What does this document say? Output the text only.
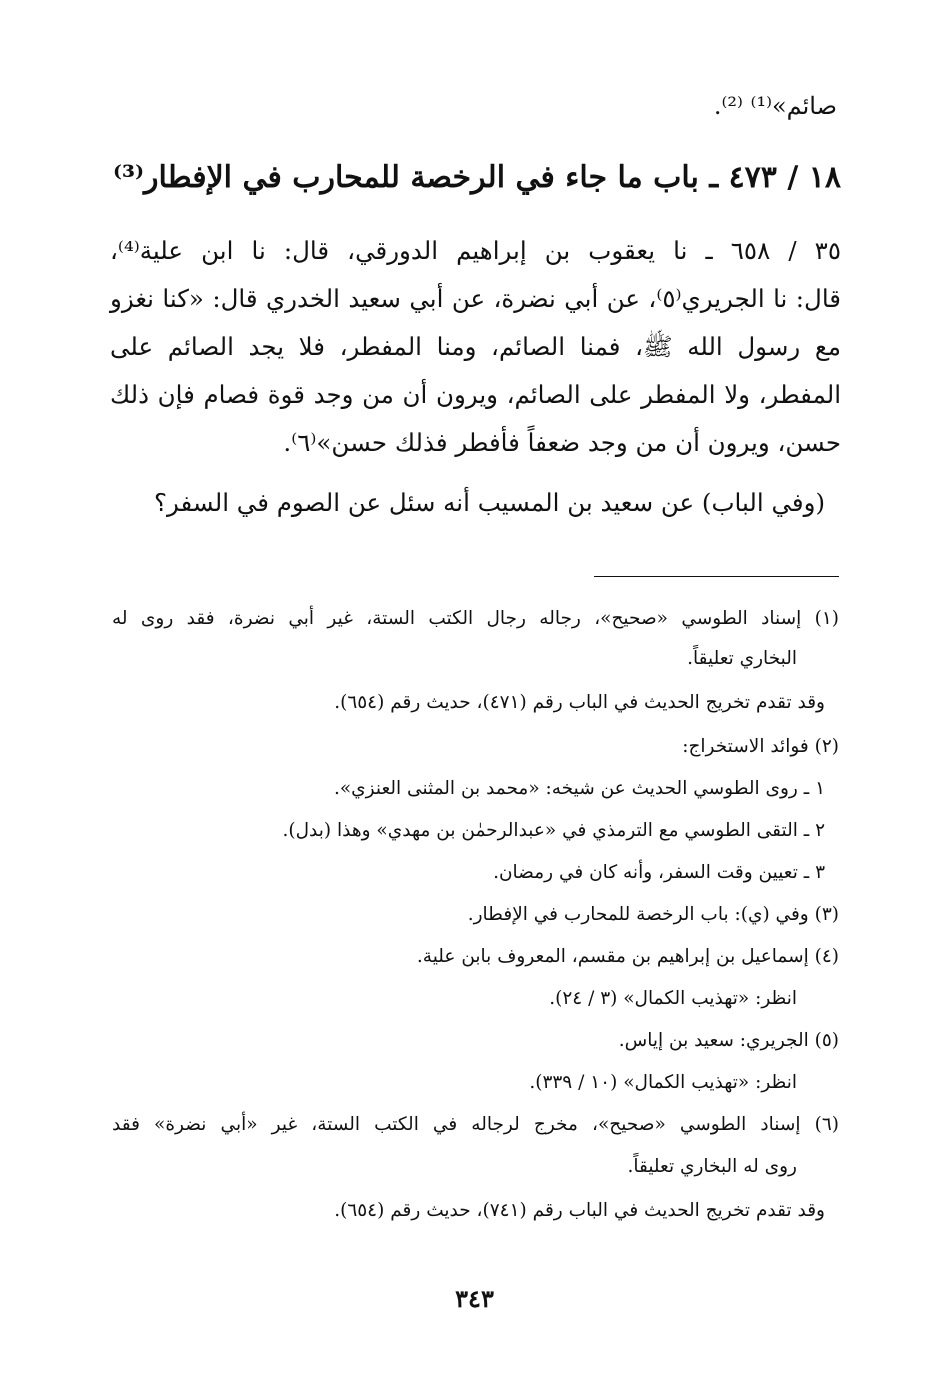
صائم»⁽¹⁾ ⁽²⁾.
١٨ / ٤٧٣ ـ باب ما جاء في الرخصة للمحارب في الإفطار⁽³⁾
٣٥ / ٦٥٨ ـ نا يعقوب بن إبراهيم الدورقي، قال: نا ابن علية⁽⁴⁾،
قال: نا الجريري⁽٥⁾، عن أبي نضرة، عن أبي سعيد الخدري قال: «كنا نغزو
مع رسول الله ﷺ، فمنا الصائم، ومنا المفطر، فلا يجد الصائم على
المفطر، ولا المفطر على الصائم، ويرون أن من وجد قوة فصام فإن ذلك
حسن، ويرون أن من وجد ضعفاً فأفطر فذلك حسن»⁽٦⁾.
(وفي الباب) عن سعيد بن المسيب أنه سئل عن الصوم في السفر؟
(١) إسناد الطوسي «صحيح»، رجاله رجال الكتب الستة، غير أبي نضرة، فقد روى له
البخاري تعليقاً.
وقد تقدم تخريج الحديث في الباب رقم (٤٧١)، حديث رقم (٦٥٤).
(٢) فوائد الاستخراج:
١ ـ روى الطوسي الحديث عن شيخه: «محمد بن المثنى العنزي».
٢ ـ التقى الطوسي مع الترمذي في «عبدالرحمٰن بن مهدي» وهذا (بدل).
٣ ـ تعيين وقت السفر، وأنه كان في رمضان.
(٣) وفي (ي): باب الرخصة للمحارب في الإفطار.
(٤) إسماعيل بن إبراهيم بن مقسم، المعروف بابن علية.
انظر: «تهذيب الكمال» (٣ / ٢٤).
(٥) الجريري: سعيد بن إياس.
انظر: «تهذيب الكمال» (١٠ / ٣٣٩).
(٦) إسناد الطوسي «صحيح»، مخرج لرجاله في الكتب الستة، غير «أبي نضرة» فقد
روى له البخاري تعليقاً.
وقد تقدم تخريج الحديث في الباب رقم (٧٤١)، حديث رقم (٦٥٤).
٣٤٣
